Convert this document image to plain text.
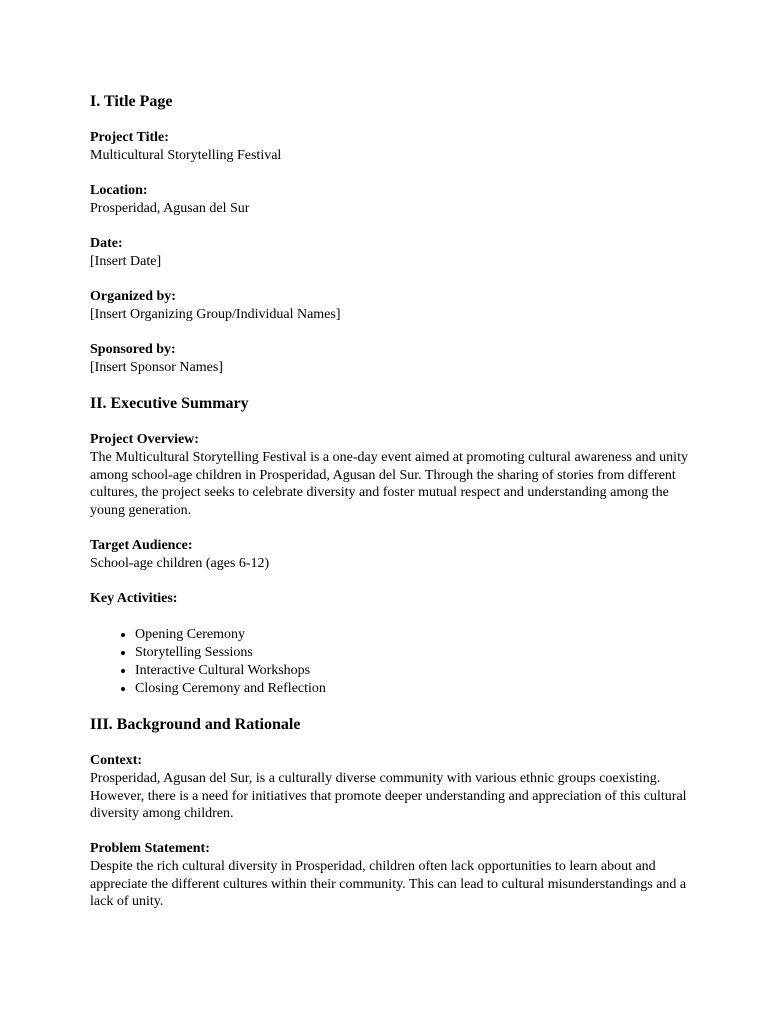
I. Title Page
Project Title:
Multicultural Storytelling Festival
Location:
Prosperidad, Agusan del Sur
Date:
[Insert Date]
Organized by:
[Insert Organizing Group/Individual Names]
Sponsored by:
[Insert Sponsor Names]
II. Executive Summary
Project Overview:

The Multicultural Storytelling Festival is a one-day event aimed at promoting cultural awareness and unity among school-age children in Prosperidad, Agusan del Sur. Through the sharing of stories from different cultures, the project seeks to celebrate diversity and foster mutual respect and understanding among the young generation.

Target Audience:
School-age children (ages 6-12)
Key Activities:
• Opening Ceremony
• Storytelling Sessions
• Interactive Cultural Workshops
• Closing Ceremony and Reflection
III. Background and Rationale
Context:

Prosperidad, Agusan del Sur, is a culturally diverse community with various ethnic groups coexisting. However, there is a need for initiatives that promote deeper understanding and appreciation of this cultural diversity among children.

Problem Statement:

Despite the rich cultural diversity in Prosperidad, children often lack opportunities to learn about and appreciate the different cultures within their community. This can lead to cultural misunderstandings and a lack of unity.
